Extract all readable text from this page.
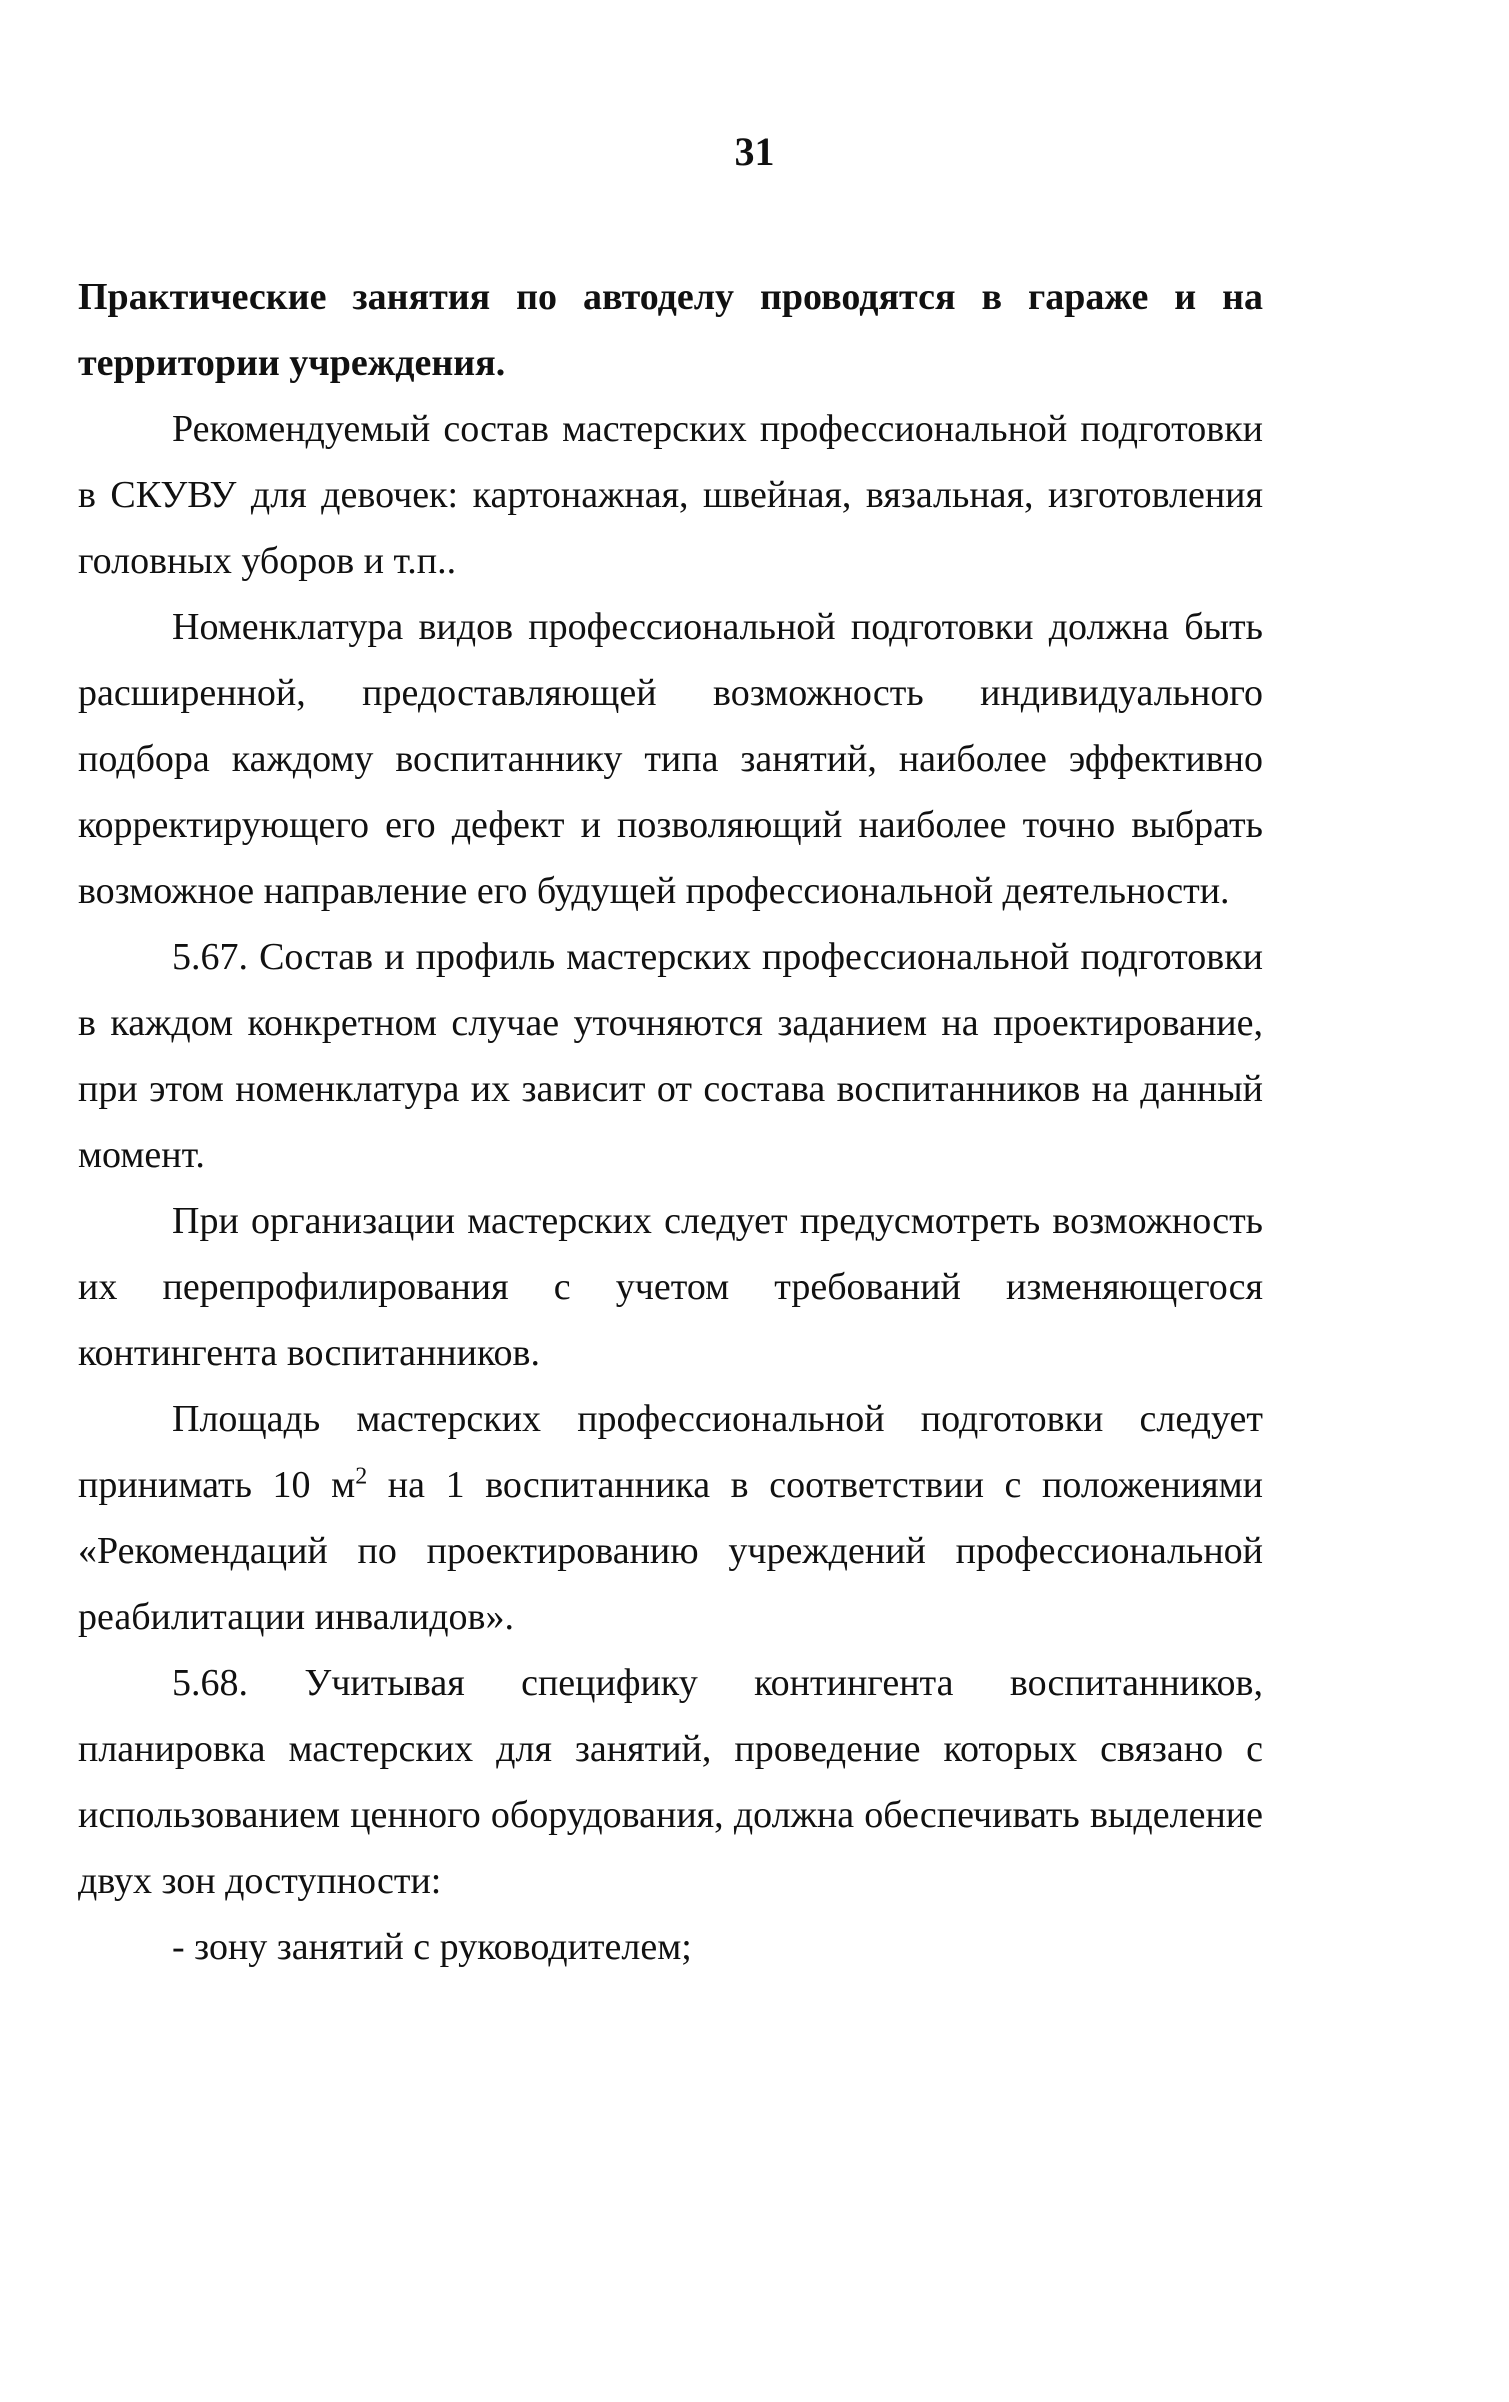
31

Практические занятия по автоделу проводятся в гараже и на территории учреждения.

Рекомендуемый состав мастерских профессиональной подготовки в СКУВУ для девочек: картонажная, швейная, вязальная, изготовления головных уборов и т.п..

Номенклатура видов профессиональной подготовки должна быть расширенной, предоставляющей возможность индивидуального подбора каждому воспитаннику типа занятий, наиболее эффективно корректирующего его дефект и позволяющий наиболее точно выбрать возможное направление его будущей профессиональной деятельности.

5.67. Состав и профиль мастерских профессиональной подготовки в каждом конкретном случае уточняются заданием на проектирование, при этом номенклатура их зависит от состава воспитанников на данный момент.

При организации мастерских следует предусмотреть возможность их перепрофилирования с учетом требований изменяющегося контингента воспитанников.

Площадь мастерских профессиональной подготовки следует принимать 10 $м^2$ на 1 воспитанника в соответствии с положениями «Рекомендаций по проектированию учреждений профессиональной реабилитации инвалидов».

5.68. Учитывая специфику контингента воспитанников, планировка мастерских для занятий, проведение которых связано с использованием ценного оборудования, должна обеспечивать выделение двух зон доступности:

- зону занятий с руководителем;
